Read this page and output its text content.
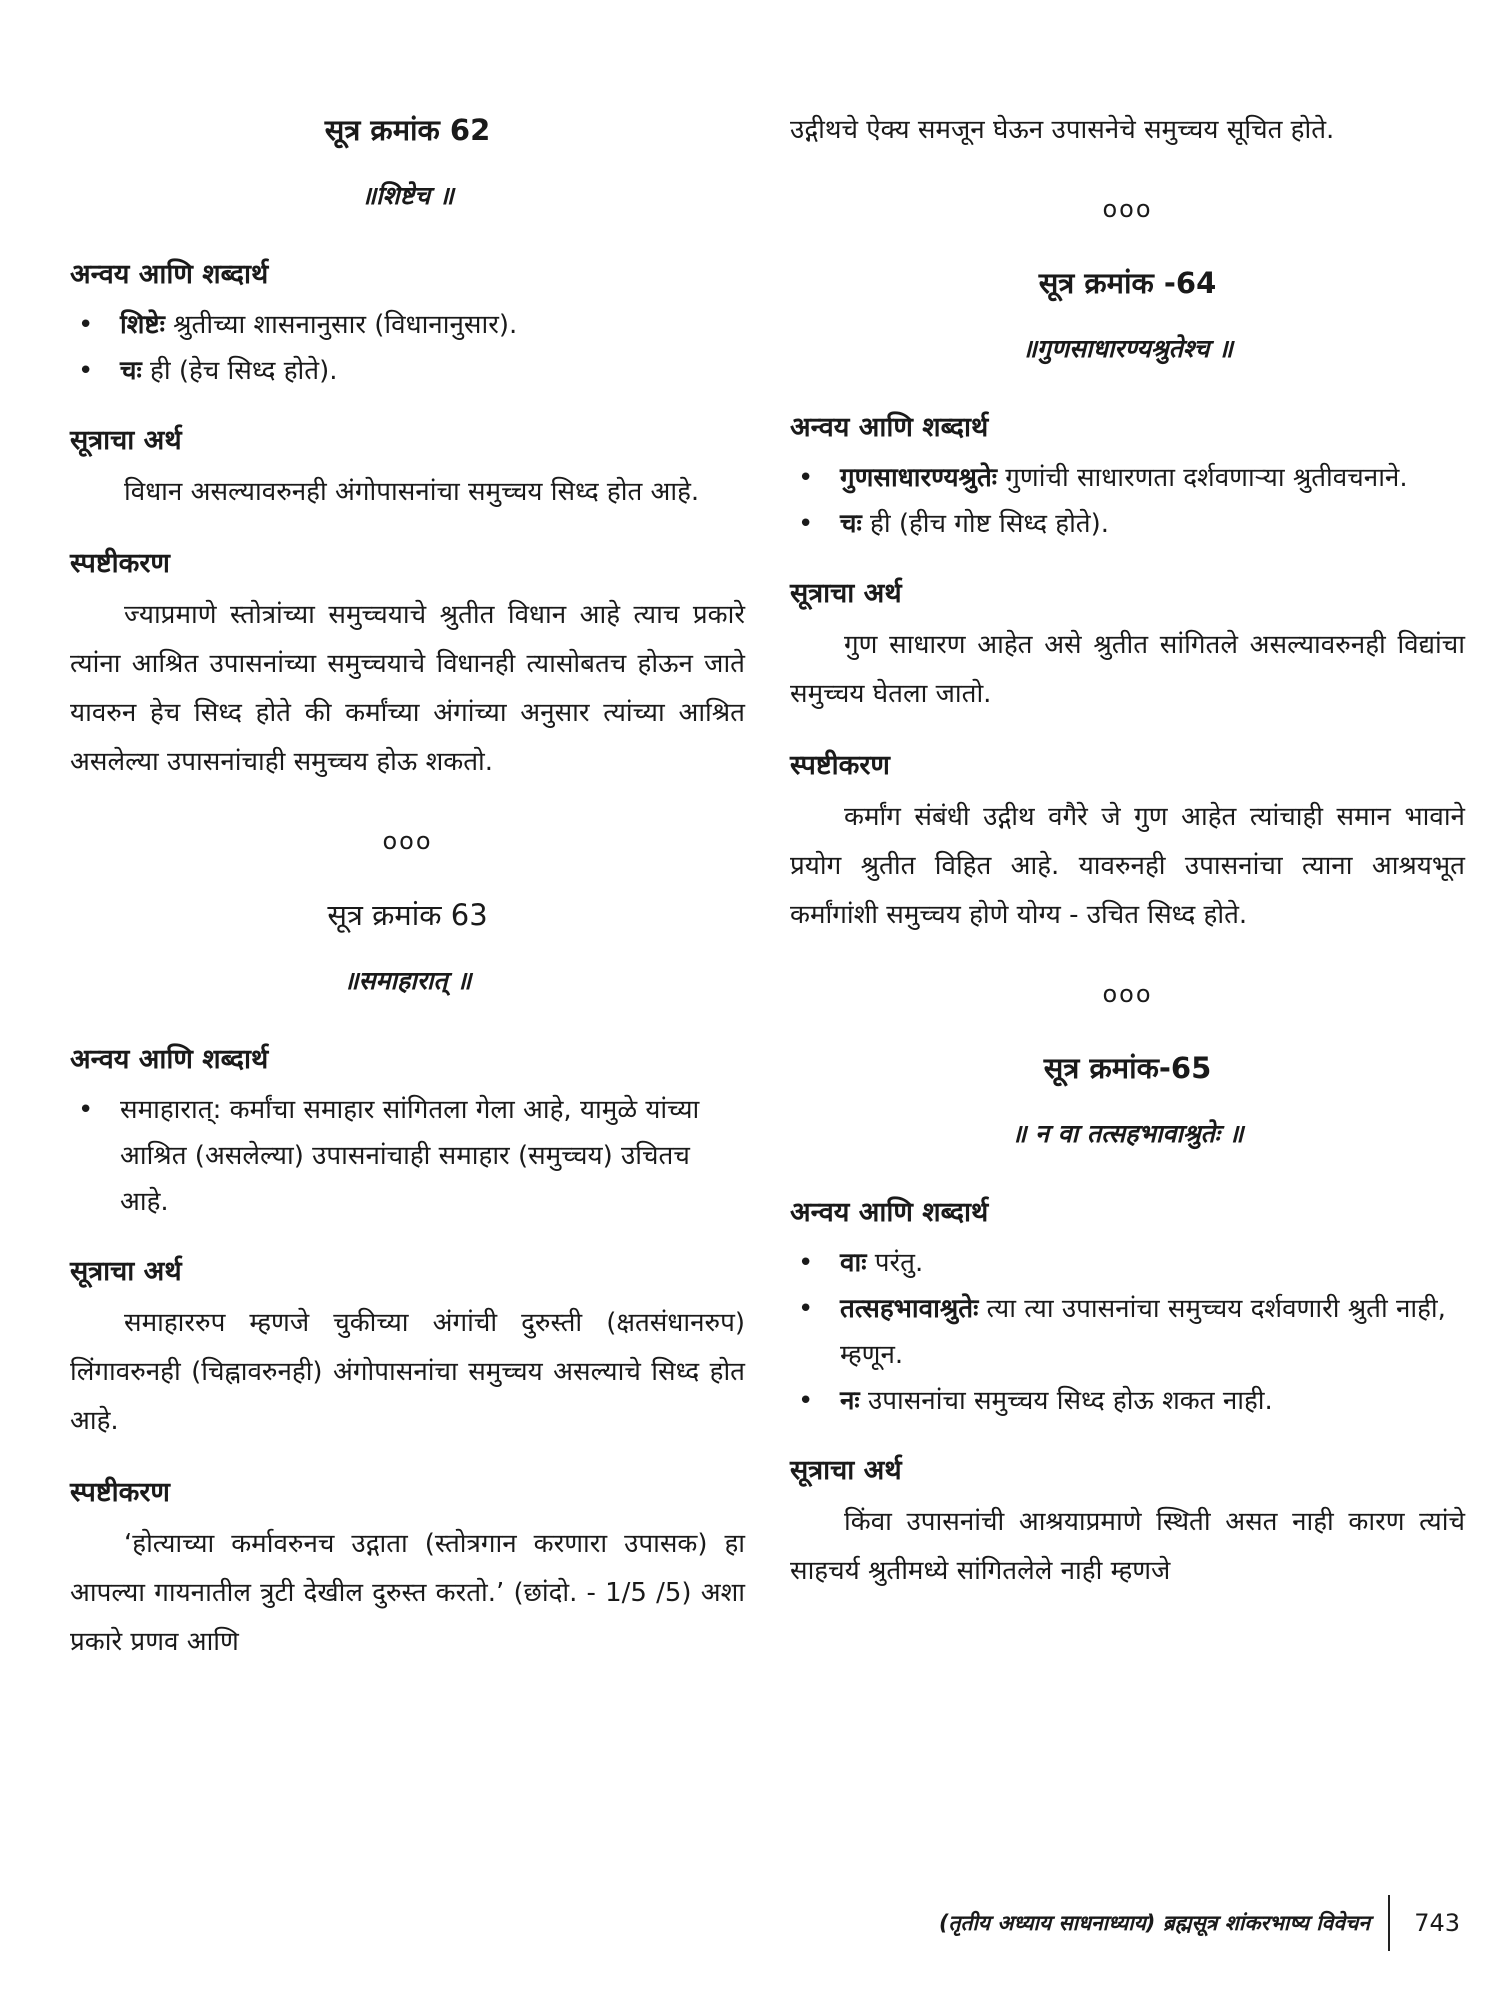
सूत्र क्रमांक 62

॥शिष्टेच ॥

अन्वय आणि शब्दार्थ

• शिष्टेः श्रुतीच्या शासनानुसार (विधानानुसार).
• चः ही (हेच सिध्द होते).

सूत्राचा अर्थ

विधान असल्यावरुनही अंगोपासनांचा समुच्चय सिध्द होत आहे.

स्पष्टीकरण

ज्याप्रमाणे स्तोत्रांच्या समुच्चयाचे श्रुतीत विधान आहे त्याच प्रकारे त्यांना आश्रित उपासनांच्या समुच्चयाचे विधानही त्यासोबतच होऊन जाते यावरुन हेच सिध्द होते की कर्मांच्या अंगांच्या अनुसार त्यांच्या आश्रित असलेल्या उपासनांचाही समुच्चय होऊ शकतो.

ooo

सूत्र क्रमांक 63

॥समाहारात् ॥

अन्वय आणि शब्दार्थ

• समाहारात्: कर्मांचा समाहार सांगितला गेला आहे, यामुळे यांच्या आश्रित (असलेल्या) उपासनांचाही समाहार (समुच्चय) उचितच आहे.

सूत्राचा अर्थ

समाहाररुप म्हणजे चुकीच्या अंगांची दुरुस्ती (क्षतसंधानरुप) लिंगावरुनही (चिह्नावरुनही) अंगोपासनांचा समुच्चय असल्याचे सिध्द होत आहे.

स्पष्टीकरण

‘होत्याच्या कर्मावरुनच उद्गाता (स्तोत्रगान करणारा उपासक) हा आपल्या गायनातील त्रुटी देखील दुरुस्त करतो.’ (छांदो. - 1/5 /5) अशा प्रकारे प्रणव आणि

उद्गीथचे ऐक्य समजून घेऊन उपासनेचे समुच्चय सूचित होते.

ooo

सूत्र क्रमांक -64

॥गुणसाधारण्यश्रुतेश्च ॥

अन्वय आणि शब्दार्थ

• गुणसाधारण्यश्रुतेः गुणांची साधारणता दर्शवणाऱ्या श्रुतीवचनाने.
• चः ही (हीच गोष्ट सिध्द होते).

सूत्राचा अर्थ

गुण साधारण आहेत असे श्रुतीत सांगितले असल्यावरुनही विद्यांचा समुच्चय घेतला जातो.

स्पष्टीकरण

कर्मांग संबंधी उद्गीथ वगैरे जे गुण आहेत त्यांचाही समान भावाने प्रयोग श्रुतीत विहित आहे. यावरुनही उपासनांचा त्याना आश्रयभूत कर्मांगांशी समुच्चय होणे योग्य - उचित सिध्द होते.

ooo

सूत्र क्रमांक-65

॥ न वा तत्सहभावाश्रुतेः ॥

अन्वय आणि शब्दार्थ

• वाः परंतु.
• तत्सहभावाश्रुतेः त्या त्या उपासनांचा समुच्चय दर्शवणारी श्रुती नाही, म्हणून.
• नः उपासनांचा समुच्चय सिध्द होऊ शकत नाही.

सूत्राचा अर्थ

किंवा उपासनांची आश्रयाप्रमाणे स्थिती असत नाही कारण त्यांचे साहचर्य श्रुतीमध्ये सांगितलेले नाही म्हणजे

(तृतीय अध्याय साधनाध्याय) ब्रह्मसूत्र शांकरभाष्य विवेचन 743
